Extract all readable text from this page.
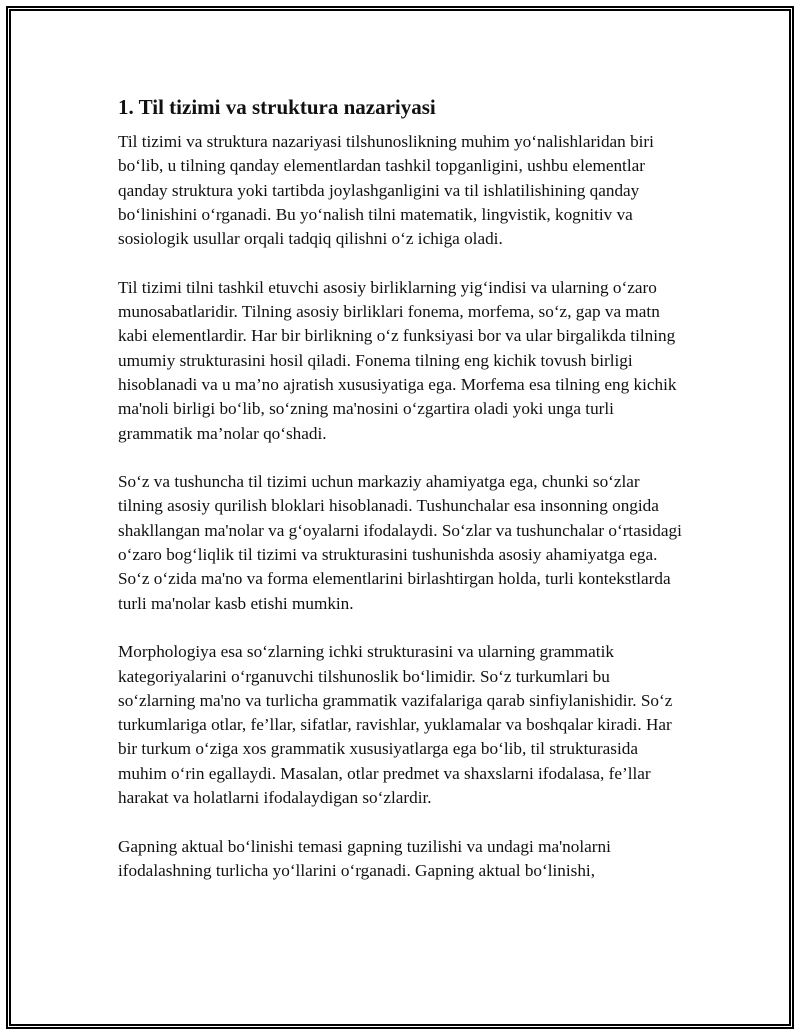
1. Til tizimi va struktura nazariyasi

Til tizimi va struktura nazariyasi tilshunoslikning muhim yo‘nalishlaridan biri bo‘lib, u tilning qanday elementlardan tashkil topganligini, ushbu elementlar qanday struktura yoki tartibda joylashganligini va til ishlatilishining qanday bo‘linishini o‘rganadi. Bu yo‘nalish tilni matematik, lingvistik, kognitiv va sosiologik usullar orqali tadqiq qilishni o‘z ichiga oladi.

Til tizimi tilni tashkil etuvchi asosiy birliklarning yig‘indisi va ularning o‘zaro munosabatlaridir. Tilning asosiy birliklari fonema, morfema, so‘z, gap va matn kabi elementlardir. Har bir birlikning o‘z funksiyasi bor va ular birgalikda tilning umumiy strukturasini hosil qiladi. Fonema tilning eng kichik tovush birligi hisoblanadi va u ma’no ajratish xususiyatiga ega. Morfema esa tilning eng kichik ma'noli birligi bo‘lib, so‘zning ma'nosini o‘zgartira oladi yoki unga turli grammatik ma’nolar qo‘shadi.

So‘z va tushuncha til tizimi uchun markaziy ahamiyatga ega, chunki so‘zlar tilning asosiy qurilish bloklari hisoblanadi. Tushunchalar esa insonning ongida shakllangan ma'nolar va g‘oyalarni ifodalaydi. So‘zlar va tushunchalar o‘rtasidagi o‘zaro bog‘liqlik til tizimi va strukturasini tushunishda asosiy ahamiyatga ega. So‘z o‘zida ma'no va forma elementlarini birlashtirgan holda, turli kontekstlarda turli ma'nolar kasb etishi mumkin.

Morphologiya esa so‘zlarning ichki strukturasini va ularning grammatik kategoriyalarini o‘rganuvchi tilshunoslik bo‘limidir. So‘z turkumlari bu so‘zlarning ma'no va turlicha grammatik vazifalariga qarab sinfiylanishidir. So‘z turkumlariga otlar, fe’llar, sifatlar, ravishlar, yuklamalar va boshqalar kiradi. Har bir turkum o‘ziga xos grammatik xususiyatlarga ega bo‘lib, til strukturasida muhim o‘rin egallaydi. Masalan, otlar predmet va shaxslarni ifodalasa, fe’llar harakat va holatlarni ifodalaydigan so‘zlardir.

Gapning aktual bo‘linishi temasi gapning tuzilishi va undagi ma'nolarni ifodalashning turlicha yo‘llarini o‘rganadi. Gapning aktual bo‘linishi,
